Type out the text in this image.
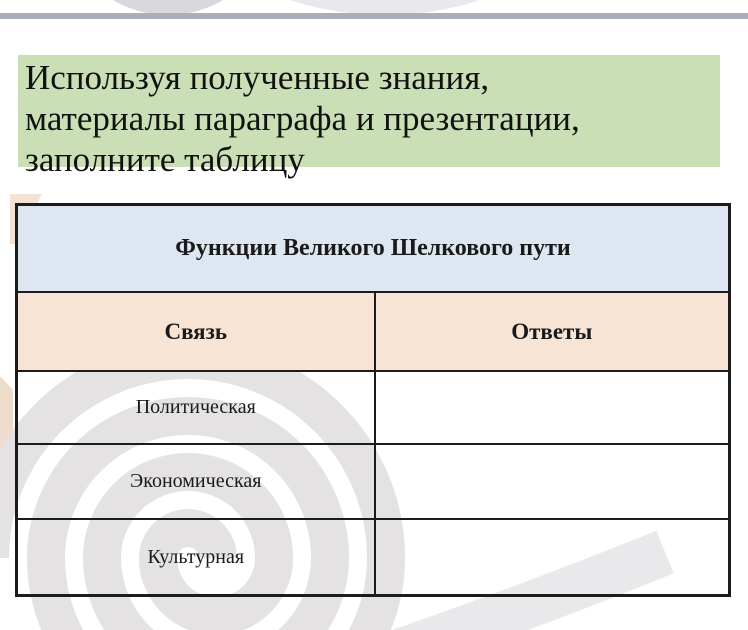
Используя полученные знания,
материалы параграфа и презентации,
заполните таблицу
Функции Великого Шелкового пути	
Связь	Ответы
Политическая	
Экономическая	
Культурная	
